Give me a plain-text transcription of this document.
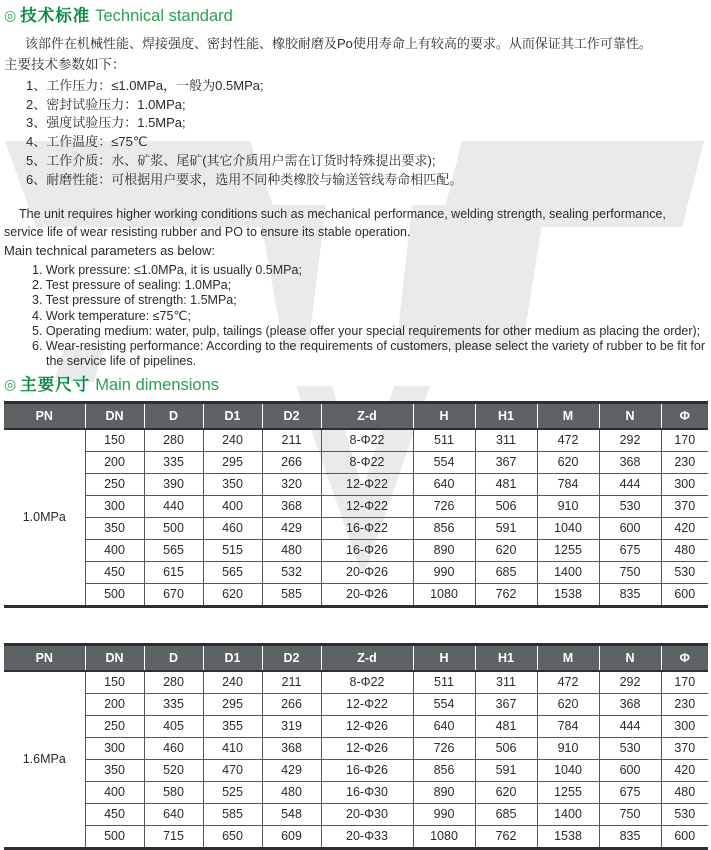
◎ 技术标准 Technical standard

该部件在机械性能、焊接强度、密封性能、橡胶耐磨及Po使用寿命上有较高的要求。从而保证其工作可靠性。

主要技术参数如下：

1、工作压力：≤1.0MPa，一般为0.5MPa;
2、密封试验压力：1.0MPa;
3、强度试验压力：1.5MPa;
4、工作温度：≤75℃
5、工作介质：水、矿浆、尾矿(其它介质用户需在订货时特殊提出要求);
6、耐磨性能：可根据用户要求，选用不同种类橡胶与输送管线寿命相匹配。

The unit requires higher working conditions such as mechanical performance, welding strength, sealing performance, service life of wear resisting rubber and PO to ensure its stable operation.

Main technical parameters as below:

1. Work pressure: ≤1.0MPa, it is usually 0.5MPa;
2. Test pressure of sealing: 1.0MPa;
3. Test pressure of strength: 1.5MPa;
4. Work temperature: ≤75℃;
5. Operating medium: water, pulp, tailings (please offer your special requirements for other medium as placing the order);
6. Wear-resisting performance: According to the requirements of customers, please select the variety of rubber to be fit for the service life of pipelines.
◎ 主要尺寸 Main dimensions
PN	DN	D	D1	D2	Z-d	H	H1	M	N	Φ
1.0MPa	150	280	240	211	8-Φ22	511	311	472	292	170
	200	335	295	266	8-Φ22	554	367	620	368	230
	250	390	350	320	12-Φ22	640	481	784	444	300
	300	440	400	368	12-Φ22	726	506	910	530	370
	350	500	460	429	16-Φ22	856	591	1040	600	420
	400	565	515	480	16-Φ26	890	620	1255	675	480
	450	615	565	532	20-Φ26	990	685	1400	750	530
	500	670	620	585	20-Φ26	1080	762	1538	835	600
PN	DN	D	D1	D2	Z-d	H	H1	M	N	Φ
1.6MPa	150	280	240	211	8-Φ22	511	311	472	292	170
	200	335	295	266	12-Φ22	554	367	620	368	230
	250	405	355	319	12-Φ26	640	481	784	444	300
	300	460	410	368	12-Φ26	726	506	910	530	370
	350	520	470	429	16-Φ26	856	591	1040	600	420
	400	580	525	480	16-Φ30	890	620	1255	675	480
	450	640	585	548	20-Φ30	990	685	1400	750	530
	500	715	650	609	20-Φ33	1080	762	1538	835	600
